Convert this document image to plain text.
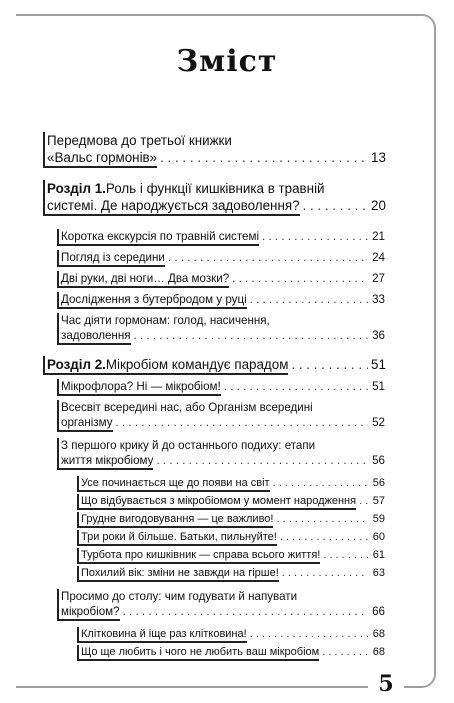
Зміст
Передмова до третьої книжки
«Вальс гормонів» . . .	13
Розділ 1. Роль і функції кишківника в травній
системі. Де народжується задоволення? . . .	20
Коротка екскурсія по травній системі . . .	21
Погляд із середини . . .	24
Дві руки, дві ноги… Два мозки? . . .	27
Дослідження з бутербродом у руці . . .	33
Час діяти гормонам: голод, насичення,
задоволення . . .	36
Розділ 2. Мікробіом командує парадом . . .	51
Мікрофлора? Ні — мікробіом! . . .	51
Всесвіт всередині нас, або Організм всередині
організму . . .	52
З першого крику й до останнього подиху: етапи
життя мікробіому . . .	56
Усе починається ще до появи на світ . . .	56
Що відбувається з мікробіомом у момент народження . . . 57
Грудне вигодовування — це важливо! . . .	59
Три роки й більше. Батьки, пильнуйте! . . .	60
Турбота про кишківник — справа всього життя! . . .	61
Похилий вік: зміни не завжди на гірше! . . .	63
Просимо до столу: чим годувати й напувати
мікробіом? . . .	66
Клітковина й іще раз клітковина! . . .	68
Що ще любить і чого не любить ваш мікробіом . . .	68
5
